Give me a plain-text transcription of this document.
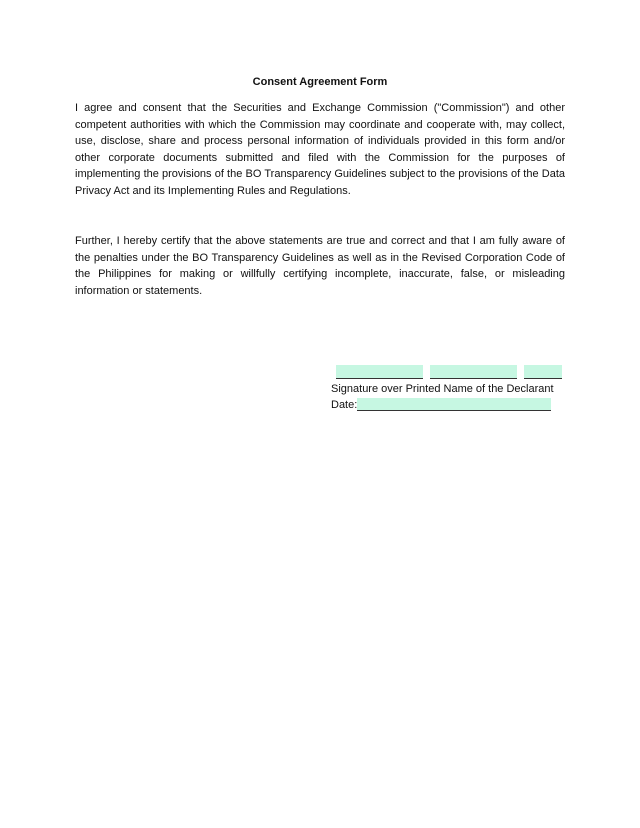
Consent Agreement Form

I agree and consent that the Securities and Exchange Commission ("Commission") and other competent authorities with which the Commission may coordinate and cooperate with, may collect, use, disclose, share and process personal information of individuals provided in this form and/or other corporate documents submitted and filed with the Commission for the purposes of implementing the provisions of the BO Transparency Guidelines subject to the provisions of the Data Privacy Act and its Implementing Rules and Regulations.

Further, I hereby certify that the above statements are true and correct and that I am fully aware of the penalties under the BO Transparency Guidelines as well as in the Revised Corporation Code of the Philippines for making or willfully certifying incomplete, inaccurate, false, or misleading information or statements.

Signature over Printed Name of the Declarant
Date:
